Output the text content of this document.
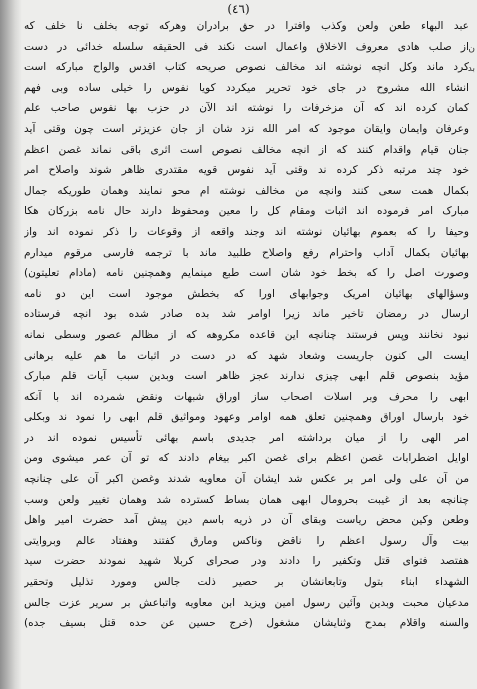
(٤٦)
ن
بد
عبد البهاء طعن ولعن وکذب وافترا در حق برادران وهرکه توجه بخلف نا خلف که
از صلب هادی معروف الاخلاق واعمال است نکند فی الحقیقه سلسله خدائی در دست
کرد ماند وکل انچه نوشته اند مخالف نصوص صریحه کتاب اقدس والواح مبارکه است
انشاء الله مشروح در جای خود تحریر میکردد کویا نفوس را خیلی ساده وبی فهم
کمان کرده اند که آن مزخرفات را نوشته اند الآن در حزب بها نفوس صاحب علم
وعرفان وایمان وایقان موجود که امر الله نزد شان از جان عزیزتر است چون وقتی آید
جنان قیام واقدام کنند که از انچه مخالف نصوص است اثری باقی نماند غصن اعظم
خود چند مرتبه ذکر کرده ند وقتی آید نفوس قویه مقتدری ظاهر شوند واصلاح امر
بکمال همت سعی کنند وانچه من مخالف نوشته ام محو نمایند وهمان طوریکه جمال
مبارک امر فرموده اند اثبات ومقام کل را معین ومحفوظ دارند حال نامه بزرکان هکا
وحیفا را که بعموم بهائیان نوشته اند وجند واقعه از وقوعات را ذکر نموده اند واز
بهائیان بکمال آداب واحترام رفع واصلاح طلبید ماند با ترجمه فارسی مرقوم میدارم
وصورت اصل را که بخط خود شان است طبع مینمایم وهمچنین نامه (مادام تعلیتون)
وسؤالهای بهائیان امریک وجوابهای اورا که بخطش موجود است این دو نامه
ارسال در رمضان تاخیر ماند زیرا اوامر شد بده صادر شده بود انچه فرستاده
نبود نخانند وپس فرستند چنانچه این قاعده مکروهه که از مظالم عصور وسطی نمانه
ایست الی کنون جاریست وشعاد شهد که در دست در اثبات ما هم علیه برهانی
مؤید بنصوص قلم ابهی چیزی ندارند عجز ظاهر است وبدین سبب آیات قلم مبارک
ابهی را محرف وبر اسلات اصحاب ساز اوراق شبهات ونقض شمرده اند با آنکه
خود بارسال اوراق وهمچنین تعلق همه اوامر وعهود ومواثیق قلم ابهی را نمود ند وبکلی
امر الهی را از میان برداشته امر جدیدی باسم بهائی تأسیس نموده اند در
اوایل اضطرابات غصن اعظم برای غصن اکبر بیغام دادند که تو آن عمر میشوی ومن
من آن علی ولی امر بر عکس شد ایشان آن معاویه شدند وغصن اکبر آن علی چنانچه
چنانچه بعد از غیبت بحرومال ابهی همان بساط کسترده شد وهمان تغییر ولعن وسب
وطعن وکین محض ریاست وبقای آن در ذریه باسم دین پیش آمد حضرت امیر واهل
بیت وآل رسول اعظم را ناقض وناکس ومارق کفتند وهفتاد عالم وبروایتی
هفتصد فتوای قتل وتکفیر را دادند ودر صحرای کربلا شهید نمودند حضرت سید
الشهداء ابناء بتول وتابعانشان بر حصیر ذلت جالس ومورد تذلیل وتحقیر
مدعیان محبت وبدین وآئین رسول امین ویزید ابن معاویه واتباعش بر سریر عزت جالس
والسنه واقلام بمدح وثنایشان مشغول (خرج حسین عن حده قتل بسیف جده)
